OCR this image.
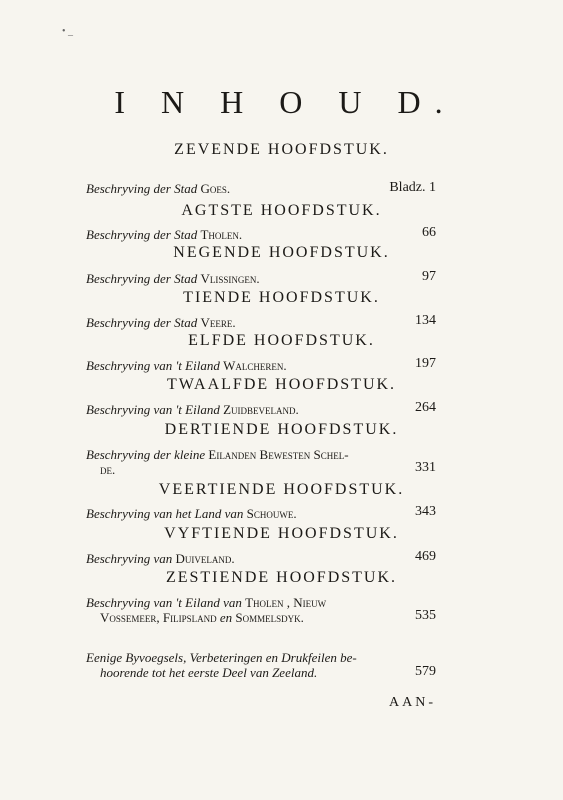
• _
I N H O U D.
ZEVENDE HOOFDSTUK.
Beschryving der Stad Goes.	Bladz. 1
AGTSTE HOOFDSTUK.
Beschryving der Stad Tholen.	66
NEGENDE HOOFDSTUK.
Beschryving der Stad Vlissingen.	97
TIENDE HOOFDSTUK.
Beschryving der Stad Veere.	134
ELFDE HOOFDSTUK.
Beschryving van 't Eiland Walcheren.	197
TWAALFDE HOOFDSTUK.
Beschryving van 't Eiland Zuidbeveland.	264
DERTIENDE HOOFDSTUK.
Beschryving der kleine Eilanden Bewesten Schel-
de.	331
VEERTIENDE HOOFDSTUK.
Beschryving van het Land van Schouwe.	343
VYFTIENDE HOOFDSTUK.
Beschryving van Duiveland.	469
ZESTIENDE HOOFDSTUK.
Beschryving van 't Eiland van Tholen , Nieuw
Vossemeer, Filipsland en Sommelsdyk.	535
Eenige Byvoegsels, Verbeteringen en Drukfeilen be-
hoorende tot het eerste Deel van Zeeland.	579
AAN-
